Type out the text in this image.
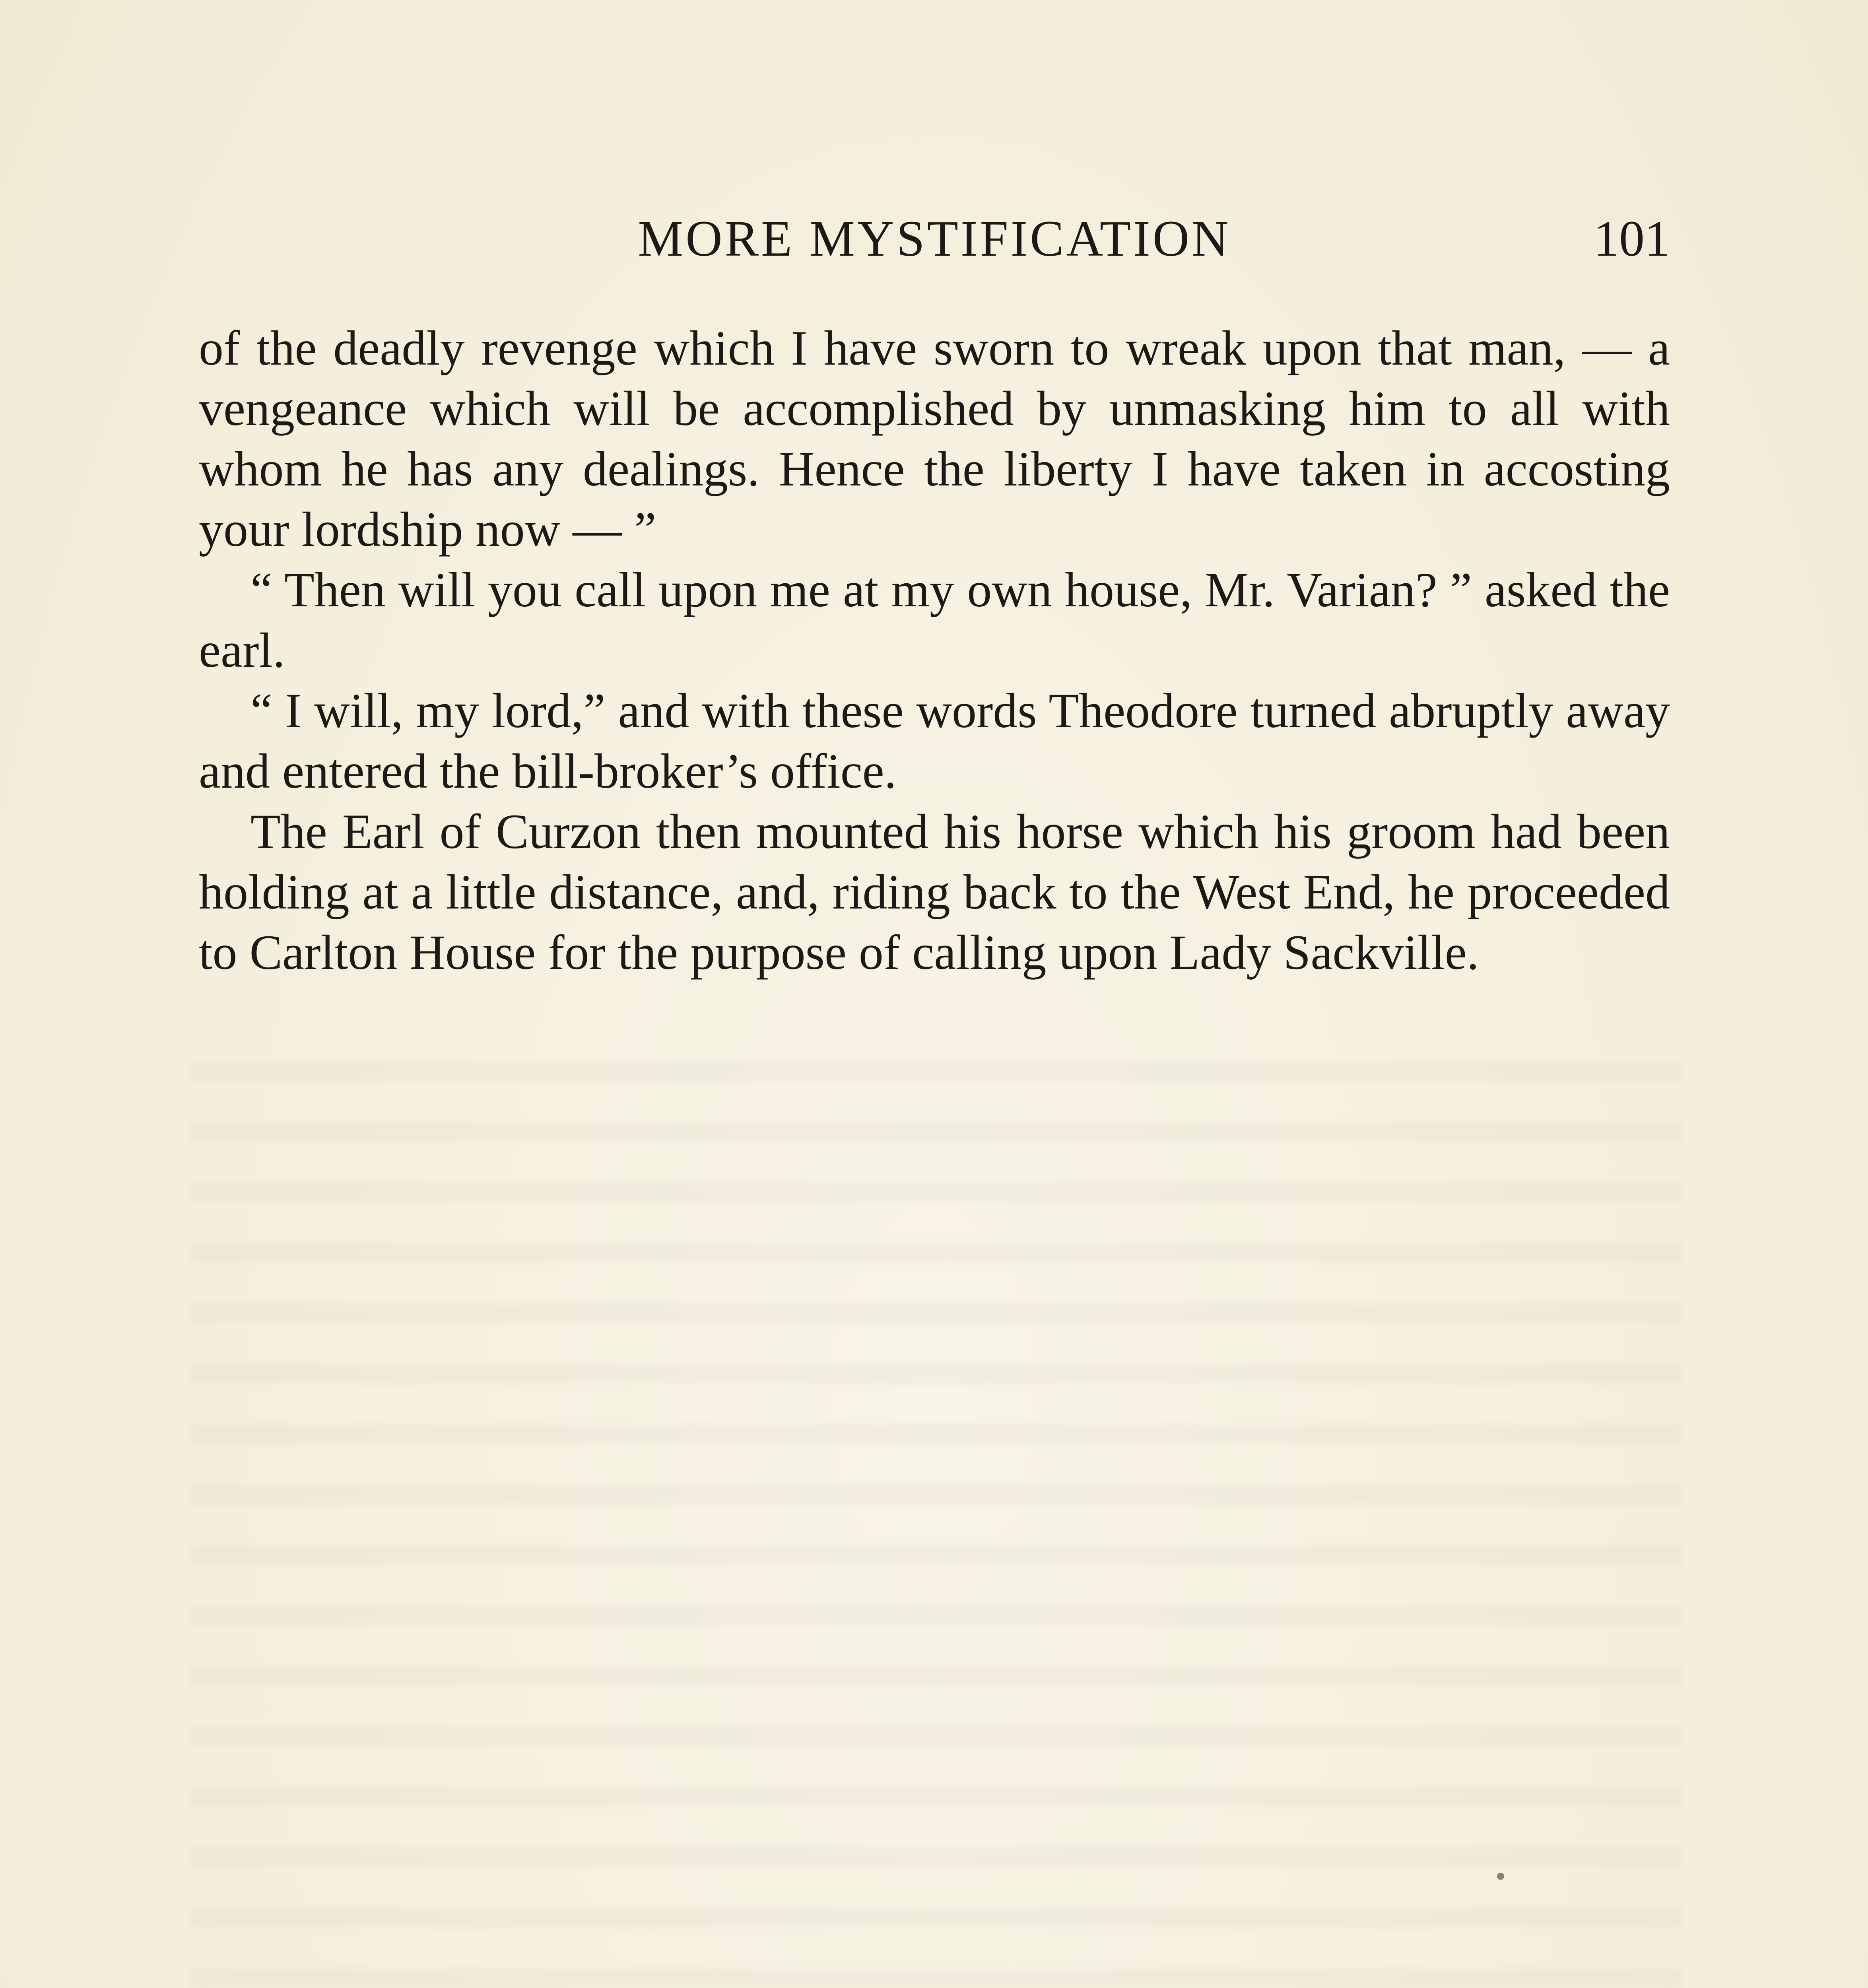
MORE MYSTIFICATION	101

of the deadly revenge which I have sworn to wreak upon that man, — a vengeance which will be accomplished by unmasking him to all with whom he has any dealings. Hence the liberty I have taken in accosting your lordship now — ”

“ Then will you call upon me at my own house, Mr. Varian? ” asked the earl.

“ I will, my lord,” and with these words Theodore turned abruptly away and entered the bill-broker’s office.

The Earl of Curzon then mounted his horse which his groom had been holding at a little distance, and, riding back to the West End, he proceeded to Carlton House for the purpose of calling upon Lady Sackville.
